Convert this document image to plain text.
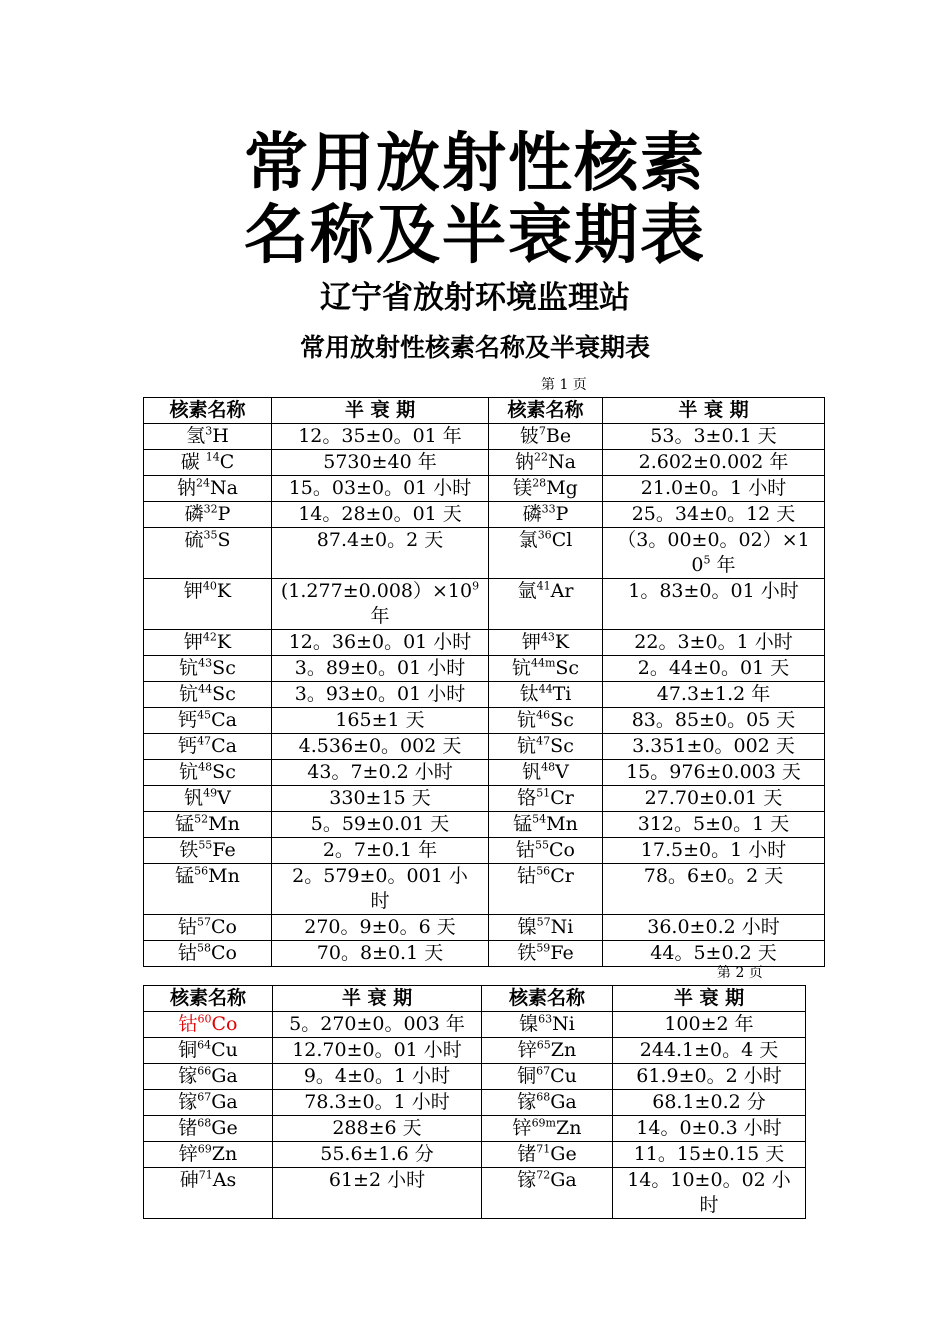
常用放射性核素
名称及半衰期表
辽宁省放射环境监理站
常用放射性核素名称及半衰期表
第 1 页
核素名称	半 衰 期	核素名称	半 衰 期
氢$^3$H	12。35±0。01 年	铍$^7$Be	53。3±0.1 天
碳 $^{14}$C	5730±40 年	钠$^{22}$Na	2.602±0.002 年
钠$^{24}$Na	15。03±0。01 小时	镁$^{28}$Mg	21.0±0。1 小时
磷$^{32}$P	14。28±0。01 天	磷$^{33}$P	25。34±0。12 天
硫$^{35}$S	87.4±0。2 天	氯$^{36}$Cl	（3。00±0。02）×1
$0^5$ 年
钾$^{40}$K	$(1.277\pm 0.008)\times 10^9$
年	氩$^{41}$Ar	1。83±0。01 小时
钾$^{42}$K	12。36±0。01 小时	钾$^{43}$K	22。3±0。1 小时
钪$^{43}$Sc	3。89±0。01 小时	钪$^{44m}$Sc	2。44±0。01 天
钪$^{44}$Sc	3。93±0。01 小时	钛$^{44}$Ti	47.3±1.2 年
钙$^{45}$Ca	165±1 天	钪$^{46}$Sc	83。85±0。05 天
钙$^{47}$Ca	4.536±0。002 天	钪$^{47}$Sc	3.351±0。002 天
钪$^{48}$Sc	43。7±0.2 小时	钒$^{48}$V	15。976±0.003 天
钒$^{49}$V	330±15 天	铬$^{51}$Cr	27.70±0.01 天
锰$^{52}$Mn	5。59±0.01 天	锰$^{54}$Mn	312。5±0。1 天
铁$^{55}$Fe	2。7±0.1 年	钴$^{55}$Co	17.5±0。1 小时
锰$^{56}$Mn	2。579±0。001 小
时	钴$^{56}$Cr	78。6±0。2 天
钴$^{57}$Co	270。9±0。6 天	镍$^{57}$Ni	36.0±0.2 小时
钴$^{58}$Co	70。8±0.1 天	铁$^{59}$Fe	44。5±0.2 天
第 2 页
核素名称	半 衰 期	核素名称	半 衰 期
钴$^{60}$Co	5。270±0。003 年	镍$^{63}$Ni	100±2 年
铜$^{64}$Cu	12.70±0。01 小时	锌$^{65}$Zn	244.1±0。4 天
镓$^{66}$Ga	9。4±0。1 小时	铜$^{67}$Cu	61.9±0。2 小时
镓$^{67}$Ga	78.3±0。1 小时	镓$^{68}$Ga	68.1±0.2 分
锗$^{68}$Ge	288±6 天	锌$^{69m}$Zn	14。0±0.3 小时
锌$^{69}$Zn	55.6±1.6 分	锗$^{71}$Ge	11。15±0.15 天
砷$^{71}$As	61±2 小时	镓$^{72}$Ga	14。10±0。02 小
时
